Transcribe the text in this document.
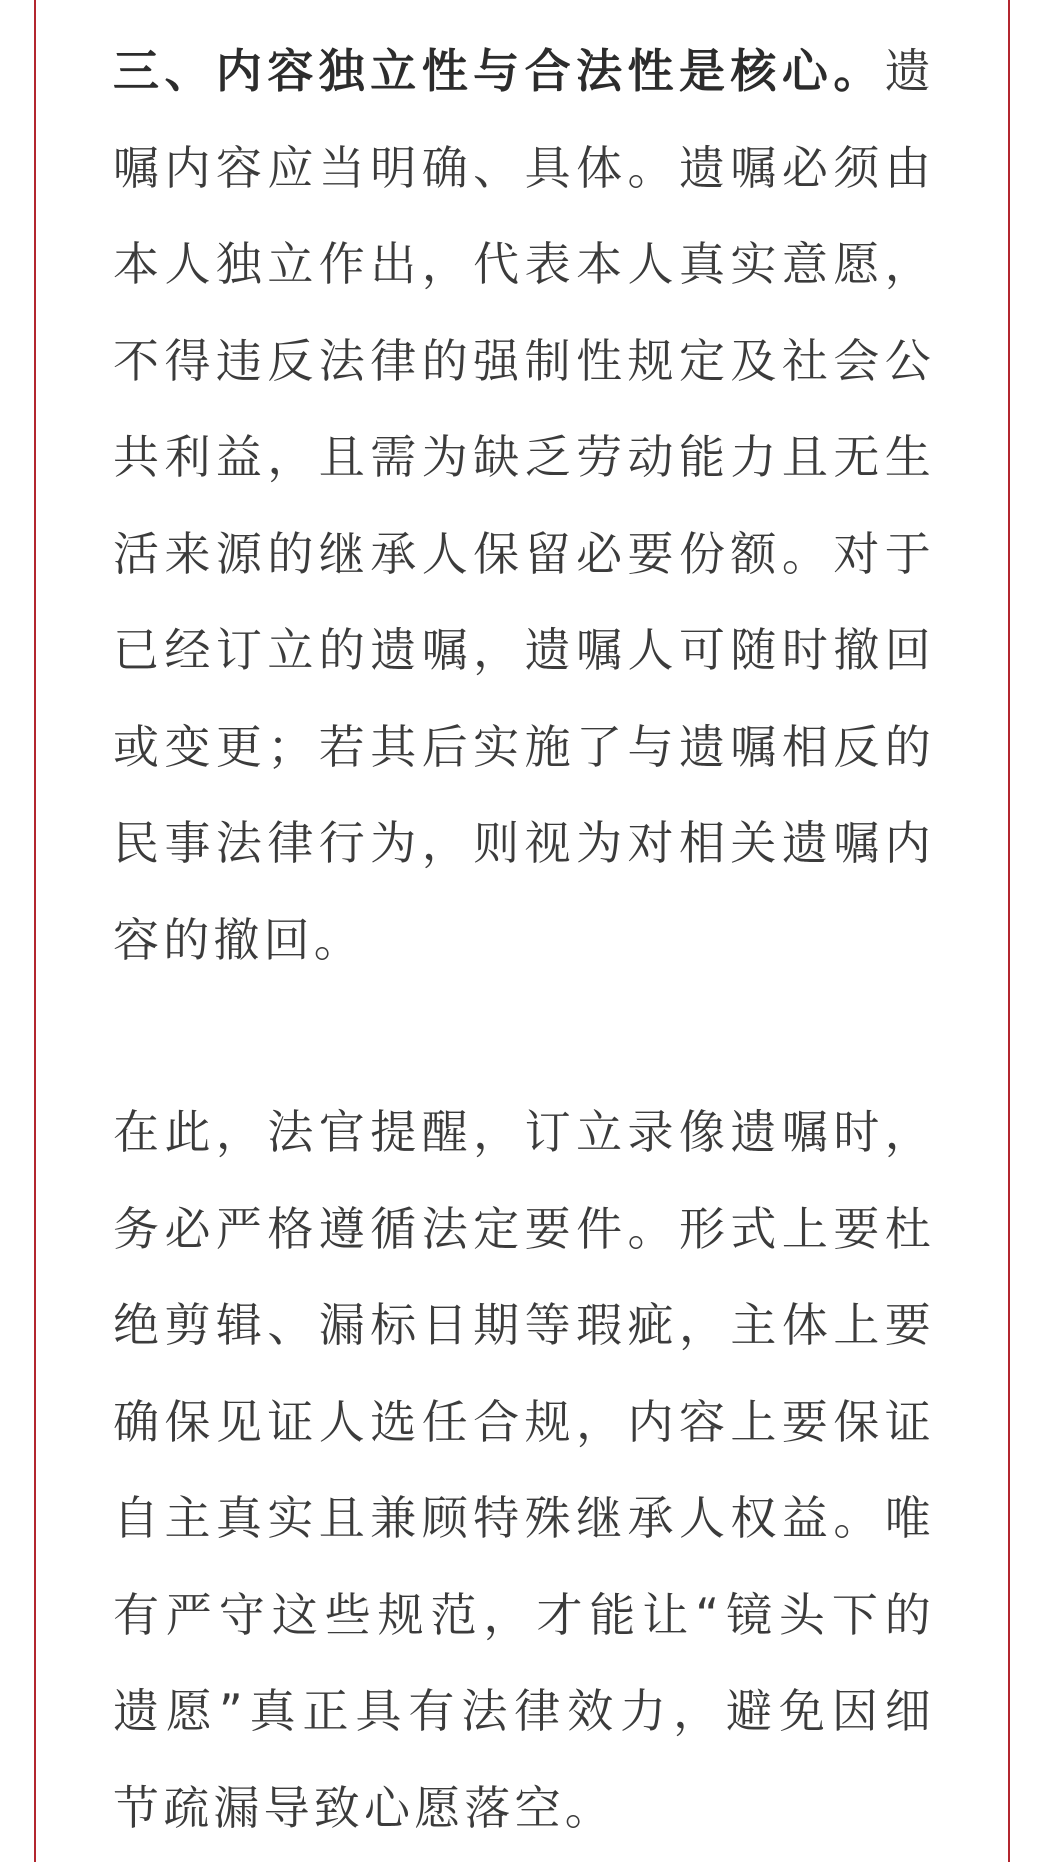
三、内容独立性与合法性是核心。遗嘱内容应当明确、具体。遗嘱必须由本人独立作出，代表本人真实意愿，不得违反法律的强制性规定及社会公共利益，且需为缺乏劳动能力且无生活来源的继承人保留必要份额。对于已经订立的遗嘱，遗嘱人可随时撤回或变更；若其后实施了与遗嘱相反的民事法律行为，则视为对相关遗嘱内容的撤回。

在此，法官提醒，订立录像遗嘱时，务必严格遵循法定要件。形式上要杜绝剪辑、漏标日期等瑕疵，主体上要确保见证人选任合规，内容上要保证自主真实且兼顾特殊继承人权益。唯有严守这些规范，才能让“镜头下的遗愿”真正具有法律效力，避免因细节疏漏导致心愿落空。
